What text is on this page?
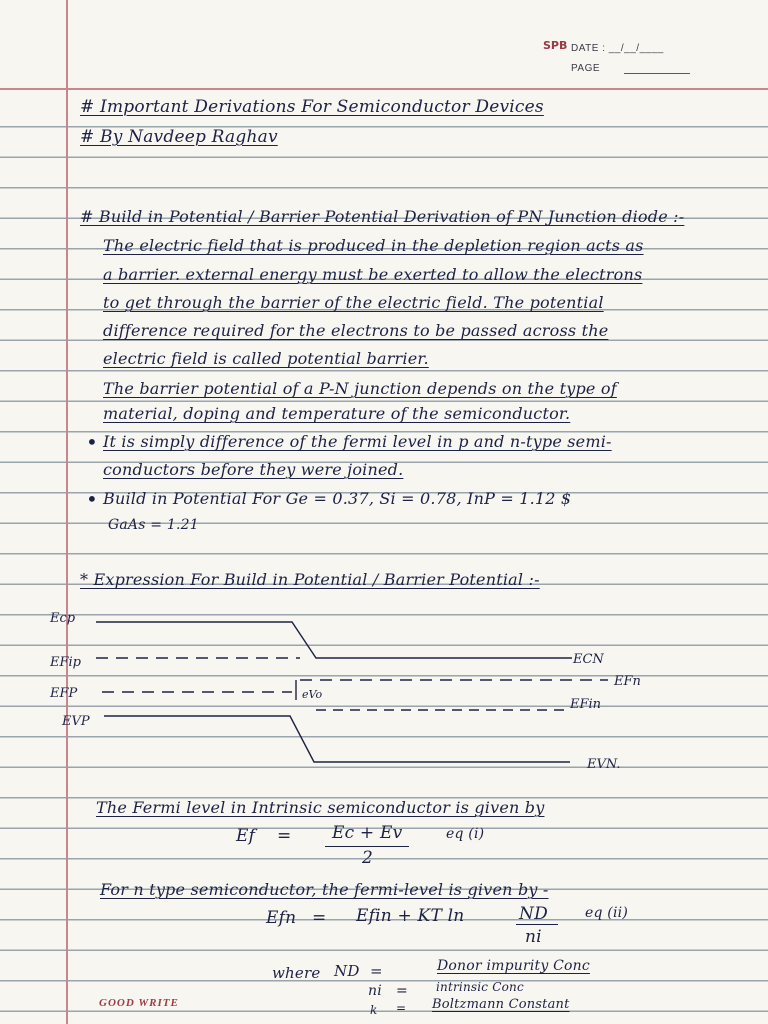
SPB DATE : __/__/____
PAGE
# Important Derivations For Semiconductor Devices
# By Navdeep Raghav
# Build in Potential / Barrier Potential Derivation of PN Junction diode :-
The electric field that is produced in the depletion region acts as
a barrier. external energy must be exerted to allow the electrons
to get through the barrier of the electric field. The potential
difference required for the electrons to be passed across the
electric field is called potential barrier.
The barrier potential of a P-N junction depends on the type of
material, doping and temperature of the semiconductor.
• It is simply difference of the fermi level in p and n-type semi-
conductors before they were joined.
• Build in Potential For Ge = 0.37, Si = 0.78, InP = 1.12 $
GaAs = 1.21
* Expression For Build in Potential / Barrier Potential :-
Ecp
EFip
EFP
EVP
ECN
EFn
EFin
EVN.
eVo
The Fermi level in Intrinsic semiconductor is given by
Ef = Ec + Ev
2
eq (i)
For n type semiconductor, the fermi-level is given by -
Efn = Efin + KT ln	ND
ni
eq (ii)
where ND =	Donor impurity Conc
ni = intrinsic Conc
k = Boltzmann Constant
GOOD WRITE
